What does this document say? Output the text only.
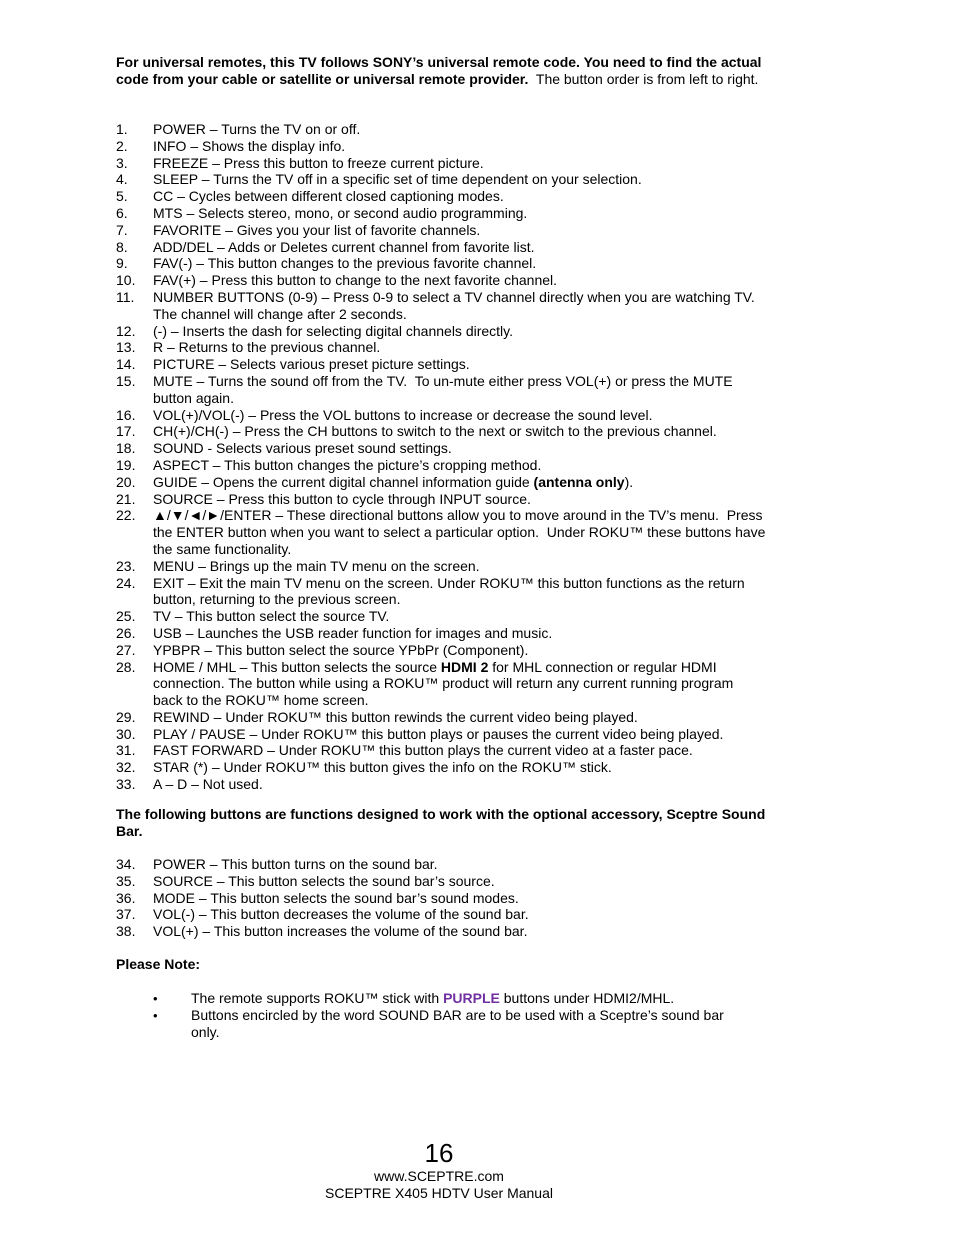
For universal remotes, this TV follows SONY’s universal remote code. You need to find the actual code from your cable or satellite or universal remote provider.  The button order is from left to right.

1. POWER – Turns the TV on or off.
2. INFO – Shows the display info.
3. FREEZE – Press this button to freeze current picture.
4. SLEEP – Turns the TV off in a specific set of time dependent on your selection.
5. CC – Cycles between different closed captioning modes.
6. MTS – Selects stereo, mono, or second audio programming.
7. FAVORITE – Gives you your list of favorite channels.
8. ADD/DEL – Adds or Deletes current channel from favorite list.
9. FAV(-) – This button changes to the previous favorite channel.
10. FAV(+) – Press this button to change to the next favorite channel.
11. NUMBER BUTTONS (0-9) – Press 0-9 to select a TV channel directly when you are watching TV. The channel will change after 2 seconds.
12. (-) – Inserts the dash for selecting digital channels directly.
13. R – Returns to the previous channel.
14. PICTURE – Selects various preset picture settings.
15. MUTE – Turns the sound off from the TV.  To un-mute either press VOL(+) or press the MUTE button again.
16. VOL(+)/VOL(-) – Press the VOL buttons to increase or decrease the sound level.
17. CH(+)/CH(-) – Press the CH buttons to switch to the next or switch to the previous channel.
18. SOUND - Selects various preset sound settings.
19. ASPECT – This button changes the picture’s cropping method.
20. GUIDE – Opens the current digital channel information guide (antenna only).
21. SOURCE – Press this button to cycle through INPUT source.
22. ▲/▼/◄/►/ENTER – These directional buttons allow you to move around in the TV’s menu.  Press the ENTER button when you want to select a particular option.  Under ROKU™ these buttons have the same functionality.
23. MENU – Brings up the main TV menu on the screen.
24. EXIT – Exit the main TV menu on the screen. Under ROKU™ this button functions as the return button, returning to the previous screen.
25. TV – This button select the source TV.
26. USB – Launches the USB reader function for images and music.
27. YPBPR – This button select the source YPbPr (Component).
28. HOME / MHL – This button selects the source HDMI 2 for MHL connection or regular HDMI connection. The button while using a ROKU™ product will return any current running program back to the ROKU™ home screen.
29. REWIND – Under ROKU™ this button rewinds the current video being played.
30. PLAY / PAUSE – Under ROKU™ this button plays or pauses the current video being played.
31. FAST FORWARD – Under ROKU™ this button plays the current video at a faster pace.
32. STAR (*) – Under ROKU™ this button gives the info on the ROKU™ stick.
33. A – D – Not used.
The following buttons are functions designed to work with the optional accessory, Sceptre Sound Bar.
34. POWER – This button turns on the sound bar.
35. SOURCE – This button selects the sound bar’s source.
36. MODE – This button selects the sound bar’s sound modes.
37. VOL(-) – This button decreases the volume of the sound bar.
38. VOL(+) – This button increases the volume of the sound bar.
Please Note:
• The remote supports ROKU™ stick with PURPLE buttons under HDMI2/MHL.
• Buttons encircled by the word SOUND BAR are to be used with a Sceptre’s sound bar only.
16
www.SCEPTRE.com
SCEPTRE X405 HDTV User Manual
